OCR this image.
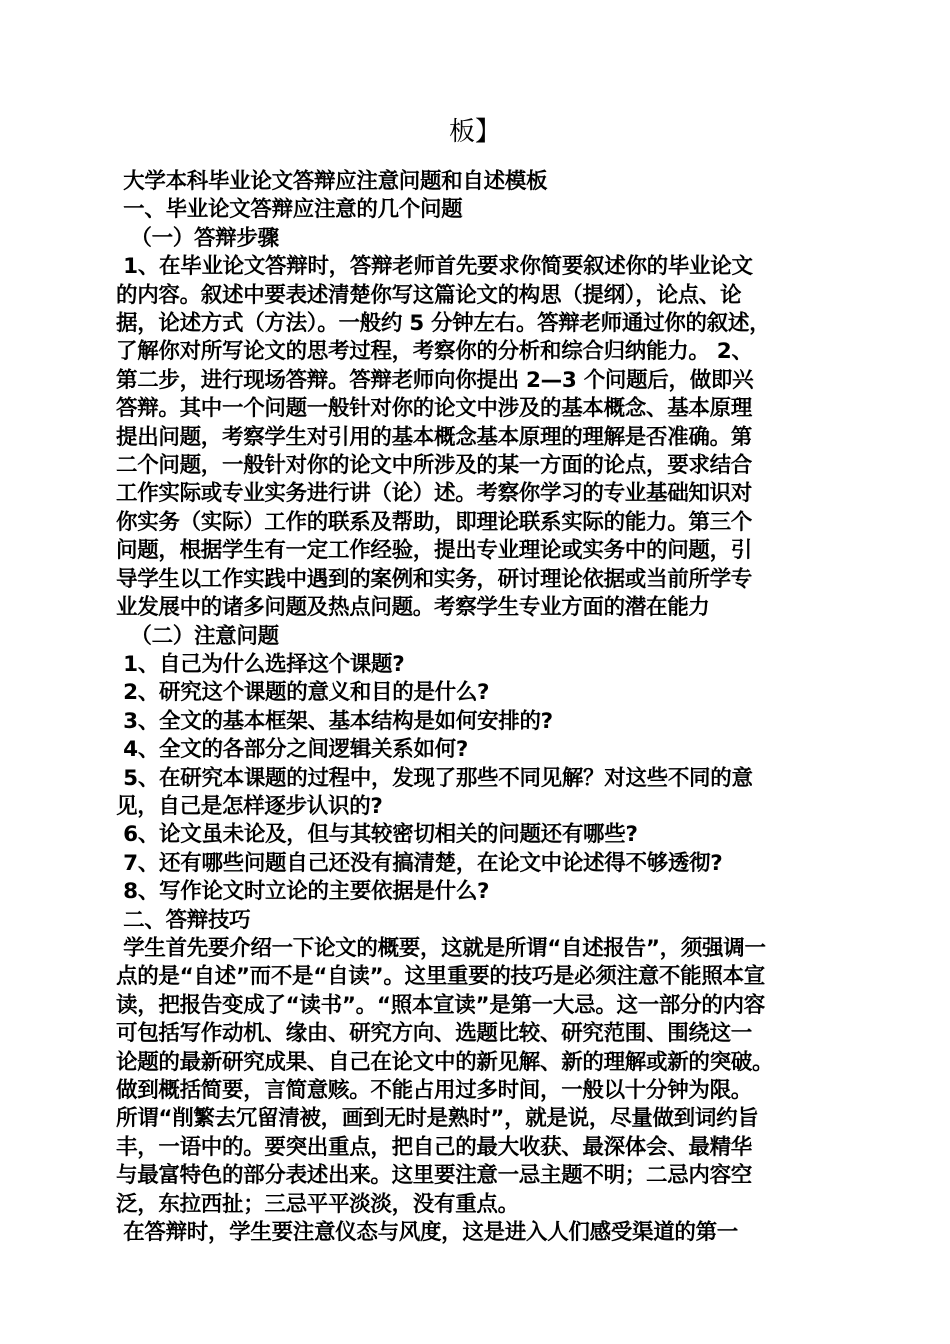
板】
大学本科毕业论文答辩应注意问题和自述模板
一、毕业论文答辩应注意的几个问题
（一）答辩步骤
1、在毕业论文答辩时，答辩老师首先要求你简要叙述你的毕业论文
的内容。叙述中要表述清楚你写这篇论文的构思（提纲），论点、论
据，论述方式（方法）。一般约 5 分钟左右。答辩老师通过你的叙述，
了解你对所写论文的思考过程，考察你的分析和综合归纳能力。 2、
第二步，进行现场答辩。答辩老师向你提出 2—3 个问题后，做即兴
答辩。其中一个问题一般针对你的论文中涉及的基本概念、基本原理
提出问题，考察学生对引用的基本概念基本原理的理解是否准确。第
二个问题，一般针对你的论文中所涉及的某一方面的论点，要求结合
工作实际或专业实务进行讲（论）述。考察你学习的专业基础知识对
你实务（实际）工作的联系及帮助，即理论联系实际的能力。第三个
问题，根据学生有一定工作经验，提出专业理论或实务中的问题，引
导学生以工作实践中遇到的案例和实务，研讨理论依据或当前所学专
业发展中的诸多问题及热点问题。考察学生专业方面的潜在能力
（二）注意问题
1、自己为什么选择这个课题?
2、研究这个课题的意义和目的是什么?
3、全文的基本框架、基本结构是如何安排的?
4、全文的各部分之间逻辑关系如何?
5、在研究本课题的过程中，发现了那些不同见解？对这些不同的意
见，自己是怎样逐步认识的?
6、论文虽未论及，但与其较密切相关的问题还有哪些?
7、还有哪些问题自己还没有搞清楚，在论文中论述得不够透彻?
8、写作论文时立论的主要依据是什么?
二、答辩技巧
学生首先要介绍一下论文的概要，这就是所谓“自述报告”，须强调一
点的是“自述”而不是“自读”。这里重要的技巧是必须注意不能照本宣
读，把报告变成了“读书”。“照本宣读”是第一大忌。这一部分的内容
可包括写作动机、缘由、研究方向、选题比较、研究范围、围绕这一
论题的最新研究成果、自己在论文中的新见解、新的理解或新的突破。
做到概括简要，言简意赅。不能占用过多时间，一般以十分钟为限。
所谓“削繁去冗留清被，画到无时是熟时”，就是说，尽量做到词约旨
丰，一语中的。要突出重点，把自己的最大收获、最深体会、最精华
与最富特色的部分表述出来。这里要注意一忌主题不明；二忌内容空
泛，东拉西扯；三忌平平淡淡，没有重点。
在答辩时，学生要注意仪态与风度，这是进入人们感受渠道的第一
